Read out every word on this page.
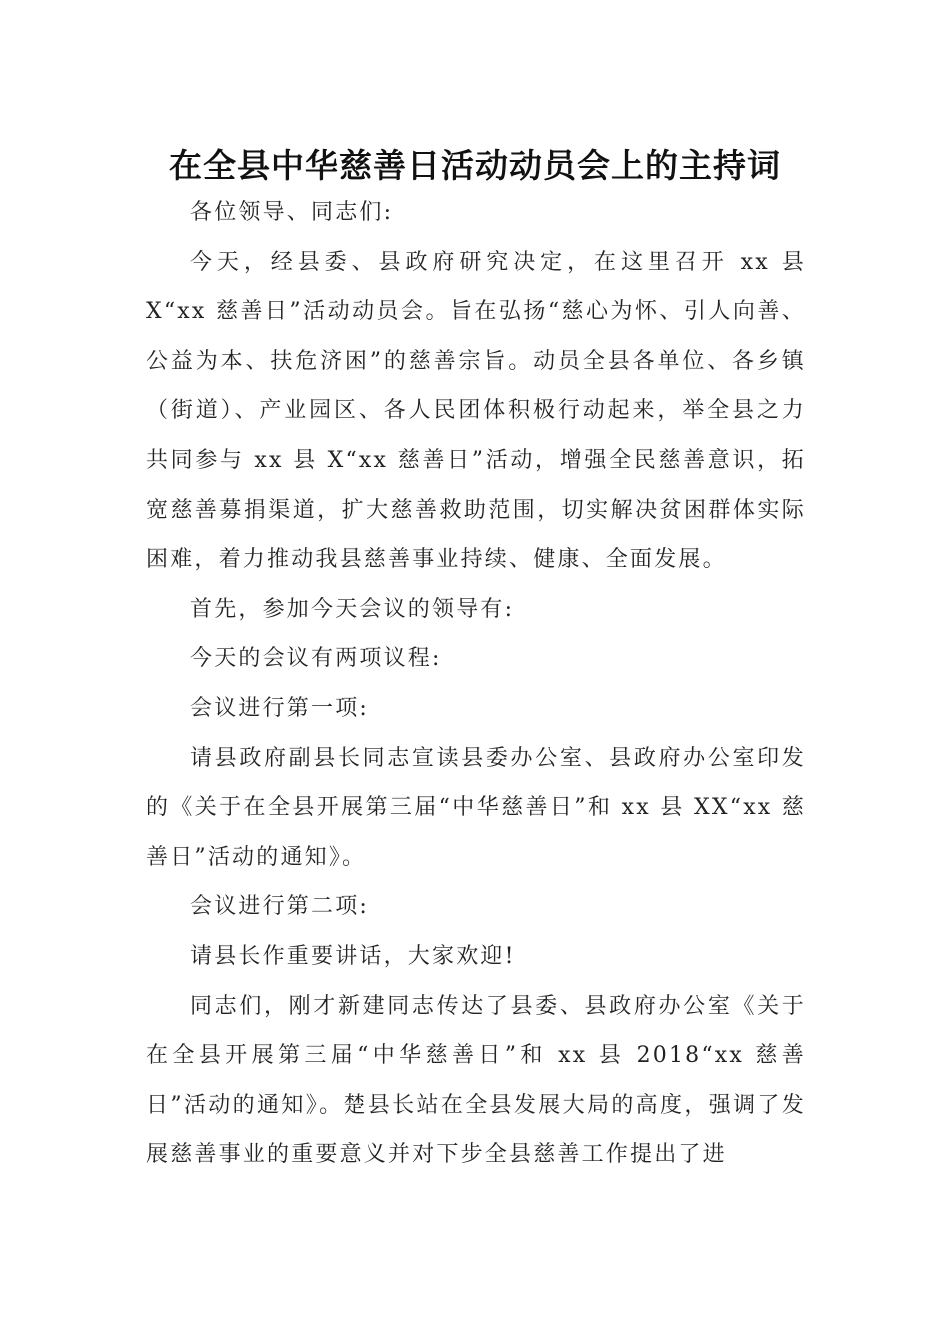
在全县中华慈善日活动动员会上的主持词

各位领导、同志们:

今天，经县委、县政府研究决定，在这里召开 xx 县 X“xx 慈善日”活动动员会。旨在弘扬“慈心为怀、引人向善、公益为本、扶危济困”的慈善宗旨。动员全县各单位、各乡镇（街道）、产业园区、各人民团体积极行动起来，举全县之力共同参与 xx 县 X“xx 慈善日”活动，增强全民慈善意识，拓宽慈善募捐渠道，扩大慈善救助范围，切实解决贫困群体实际困难，着力推动我县慈善事业持续、健康、全面发展。

首先，参加今天会议的领导有:

今天的会议有两项议程:

会议进行第一项:

请县政府副县长同志宣读县委办公室、县政府办公室印发的《关于在全县开展第三届“中华慈善日”和 xx 县 XX“xx 慈善日”活动的通知》。

会议进行第二项:

请县长作重要讲话，大家欢迎!

同志们，刚才新建同志传达了县委、县政府办公室《关于在全县开展第三届“中华慈善日”和 xx 县 2018“xx 慈善日”活动的通知》。楚县长站在全县发展大局的高度，强调了发展慈善事业的重要意义并对下步全县慈善工作提出了进
